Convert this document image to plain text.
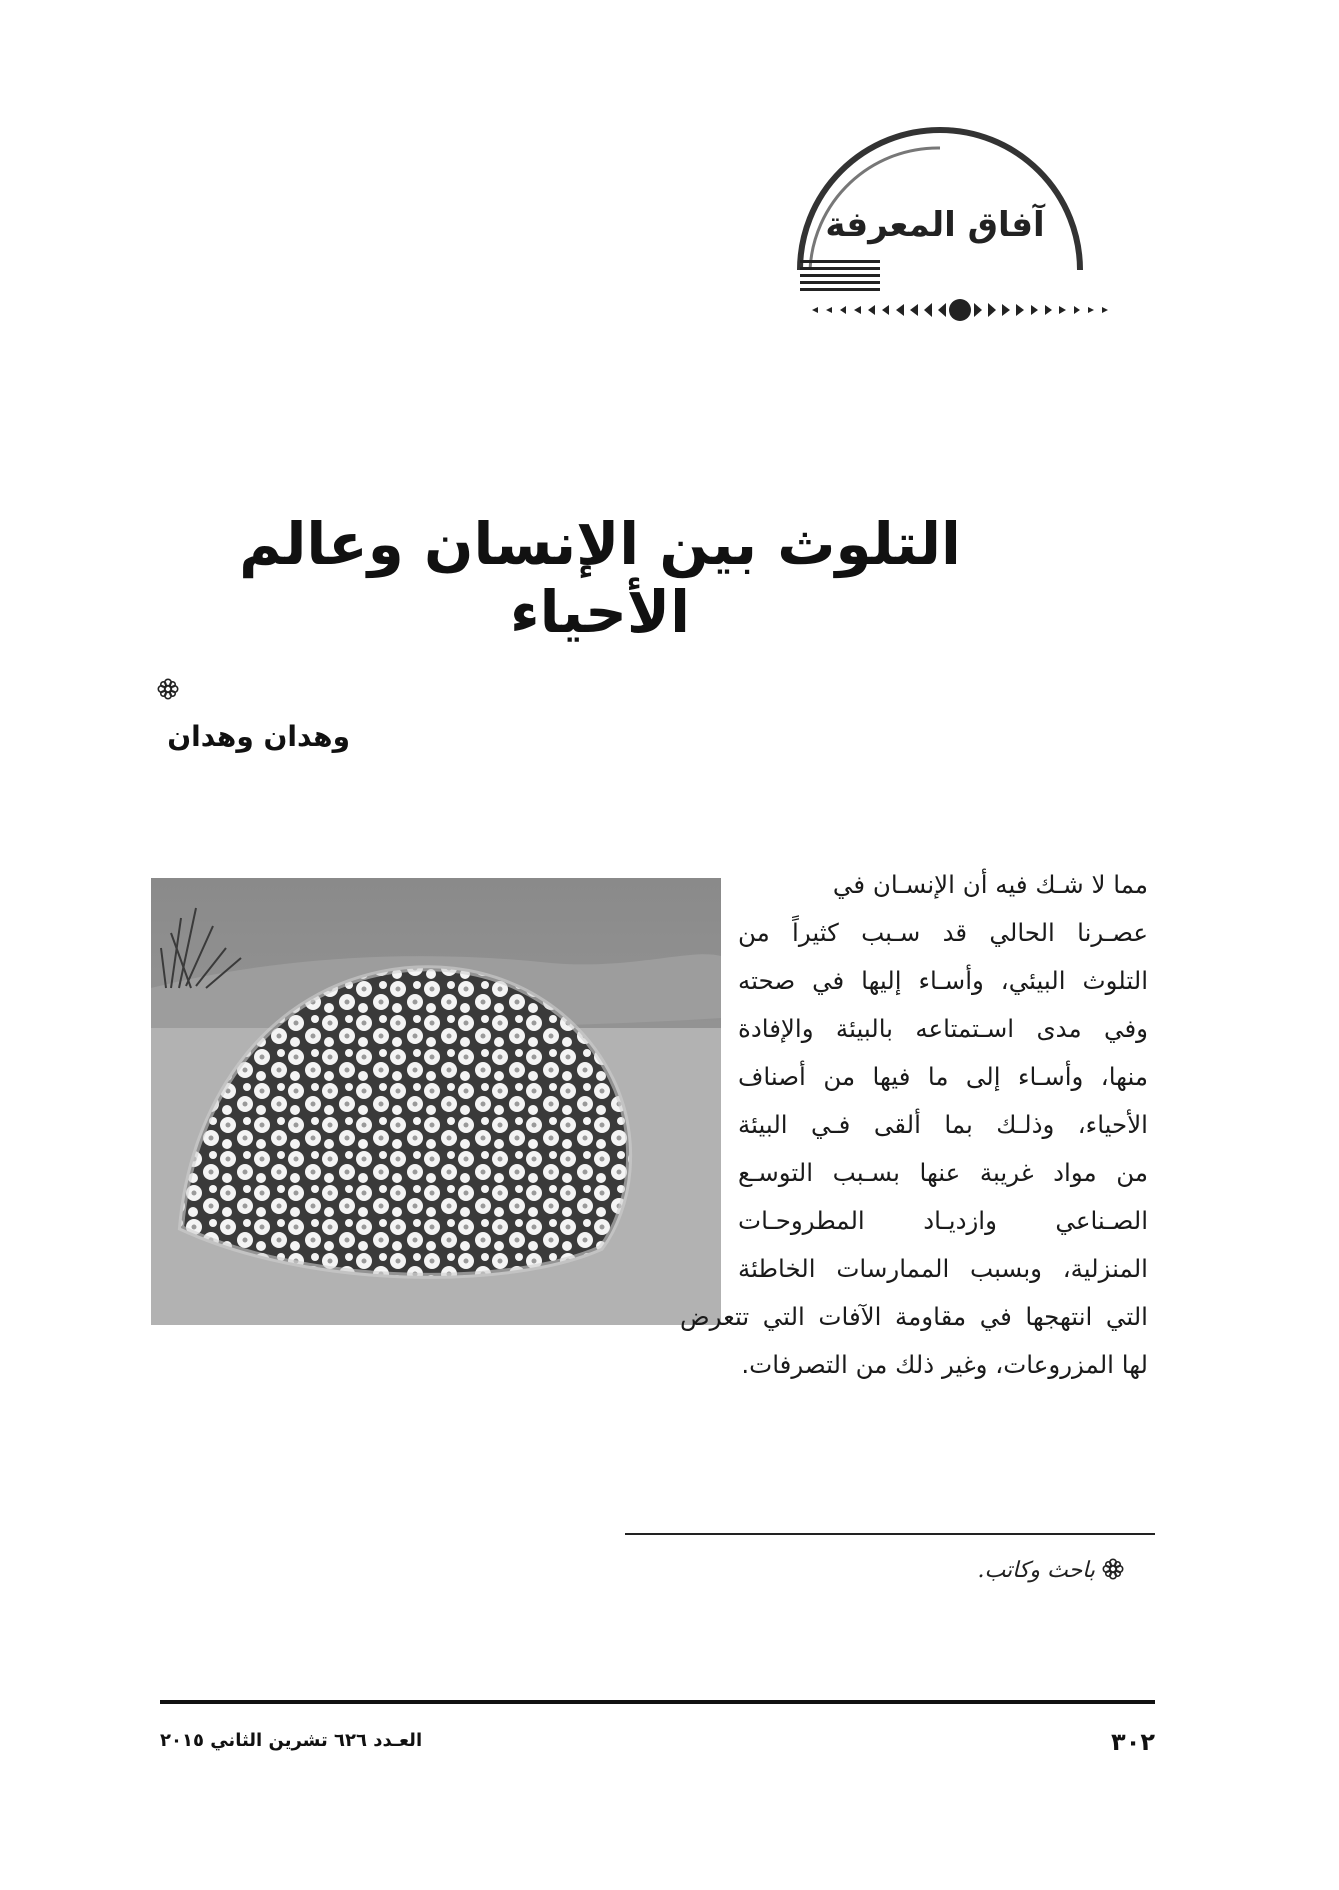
آفاق المعرفة
التلوث بين الإنسان وعالم الأحياء
وهدان وهدان
مما لا شـك فيه أن الإنسـان في
عصـرنا الحالي قد سـبب كثيراً من
التلوث البيئي، وأسـاء إليها في صحته
وفي مدى اسـتمتاعه بالبيئة والإفادة
منها، وأسـاء إلى ما فيها من أصناف
الأحياء، وذلـك بما ألقى فـي البيئة
من مواد غريبة عنها بسـبب التوسـع
الصـناعي وازديـاد المطروحـات
المنزلية، وبسبب الممارسات الخاطئة
التي انتهجها في مقاومة الآفات التي تتعرض
لها المزروعات، وغير ذلك من التصرفات.
باحث وكاتب.
٣٠٢
العـدد ٦٢٦ تشرين الثاني ٢٠١٥
